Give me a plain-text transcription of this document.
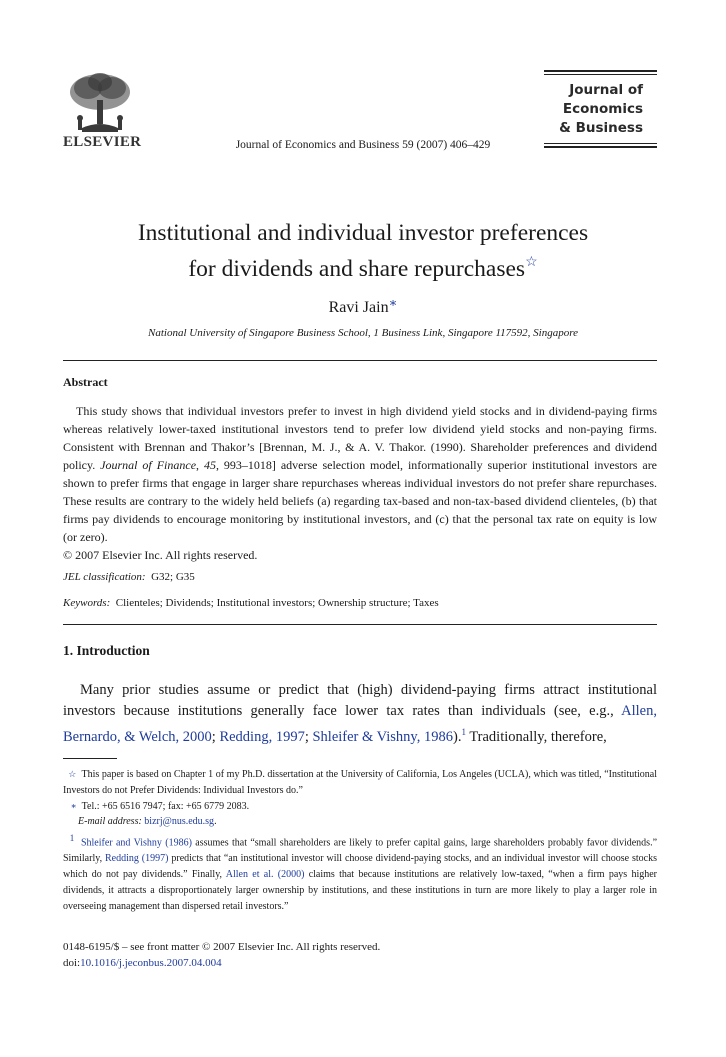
ELSEVIER	Journal of Economics and Business 59 (2007) 406–429
Journal of
Economics
& Business
Institutional and individual investor preferences
for dividends and share repurchases☆
Ravi Jain∗
National University of Singapore Business School, 1 Business Link, Singapore 117592, Singapore
Abstract
This study shows that individual investors prefer to invest in high dividend yield stocks and in dividend-paying firms whereas relatively lower-taxed institutional investors tend to prefer low dividend yield stocks and non-paying firms. Consistent with Brennan and Thakor’s [Brennan, M. J., & A. V. Thakor. (1990). Shareholder preferences and dividend policy. Journal of Finance, 45, 993–1018] adverse selection model, informationally superior institutional investors are shown to prefer firms that engage in larger share repurchases whereas individual investors do not prefer share repurchases. These results are contrary to the widely held beliefs (a) regarding tax-based and non-tax-based dividend clienteles, (b) that firms pay dividends to encourage monitoring by institutional investors, and (c) that the personal tax rate on equity is low (or zero).
© 2007 Elsevier Inc. All rights reserved.
JEL classification: G32; G35
Keywords: Clienteles; Dividends; Institutional investors; Ownership structure; Taxes
1. Introduction
Many prior studies assume or predict that (high) dividend-paying firms attract institutional investors because institutions generally face lower tax rates than individuals (see, e.g., Allen, Bernardo, & Welch, 2000; Redding, 1997; Shleifer & Vishny, 1986).$^1$ Traditionally, therefore,
☆ This paper is based on Chapter 1 of my Ph.D. dissertation at the University of California, Los Angeles (UCLA), which was titled, “Institutional Investors do not Prefer Dividends: Individual Investors do.”
∗ Tel.: +65 6516 7947; fax: +65 6779 2083.
E-mail address: bizrj@nus.edu.sg.
$^1$ Shleifer and Vishny (1986) assumes that “small shareholders are likely to prefer capital gains, large shareholders probably favor dividends.” Similarly, Redding (1997) predicts that “an institutional investor will choose dividend-paying stocks, and an individual investor will choose stocks which do not pay dividends.” Finally, Allen et al. (2000) claims that because institutions are relatively low-taxed, “when a firm pays higher dividends, it attracts a disproportionately larger ownership by institutions, and these institutions in turn are more likely to play a larger role in overseeing management than dispersed retail investors.”
0148-6195/$ – see front matter © 2007 Elsevier Inc. All rights reserved.
doi:10.1016/j.jeconbus.2007.04.004
